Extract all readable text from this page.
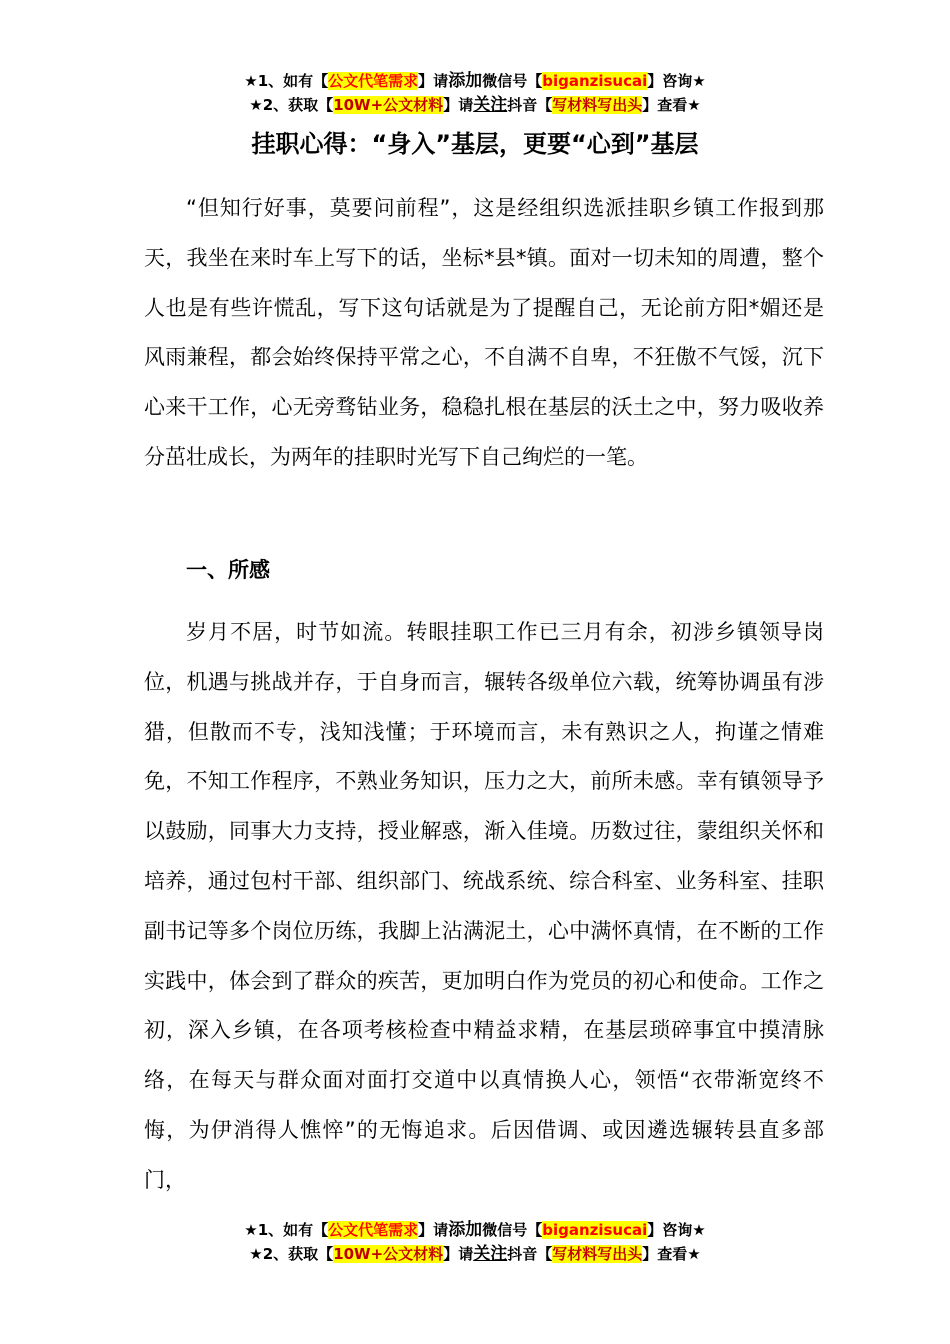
★1、如有【公文代笔需求】请添加微信号【biganzisucai】咨询★
★2、获取【10W+公文材料】请关注抖音【写材料写出头】查看★
挂职心得：“身入”基层，更要“心到”基层

“但知行好事，莫要问前程”，这是经组织选派挂职乡镇工作报到那天，我坐在来时车上写下的话，坐标*县*镇。面对一切未知的周遭，整个人也是有些许慌乱，写下这句话就是为了提醒自己，无论前方阳*媚还是风雨兼程，都会始终保持平常之心，不自满不自卑，不狂傲不气馁，沉下心来干工作，心无旁骛钻业务，稳稳扎根在基层的沃土之中，努力吸收养分茁壮成长，为两年的挂职时光写下自己绚烂的一笔。

一、所感

岁月不居，时节如流。转眼挂职工作已三月有余，初涉乡镇领导岗位，机遇与挑战并存，于自身而言，辗转各级单位六载，统筹协调虽有涉猎，但散而不专，浅知浅懂；于环境而言，未有熟识之人，拘谨之情难免，不知工作程序，不熟业务知识，压力之大，前所未感。幸有镇领导予以鼓励，同事大力支持，授业解惑，渐入佳境。历数过往，蒙组织关怀和培养，通过包村干部、组织部门、统战系统、综合科室、业务科室、挂职副书记等多个岗位历练，我脚上沾满泥土，心中满怀真情，在不断的工作实践中，体会到了群众的疾苦，更加明白作为党员的初心和使命。工作之初，深入乡镇，在各项考核检查中精益求精，在基层琐碎事宜中摸清脉络，在每天与群众面对面打交道中以真情换人心，领悟“衣带渐宽终不悔，为伊消得人憔悴”的无悔追求。后因借调、或因遴选辗转县直多部门，

★1、如有【公文代笔需求】请添加微信号【biganzisucai】咨询★
★2、获取【10W+公文材料】请关注抖音【写材料写出头】查看★
